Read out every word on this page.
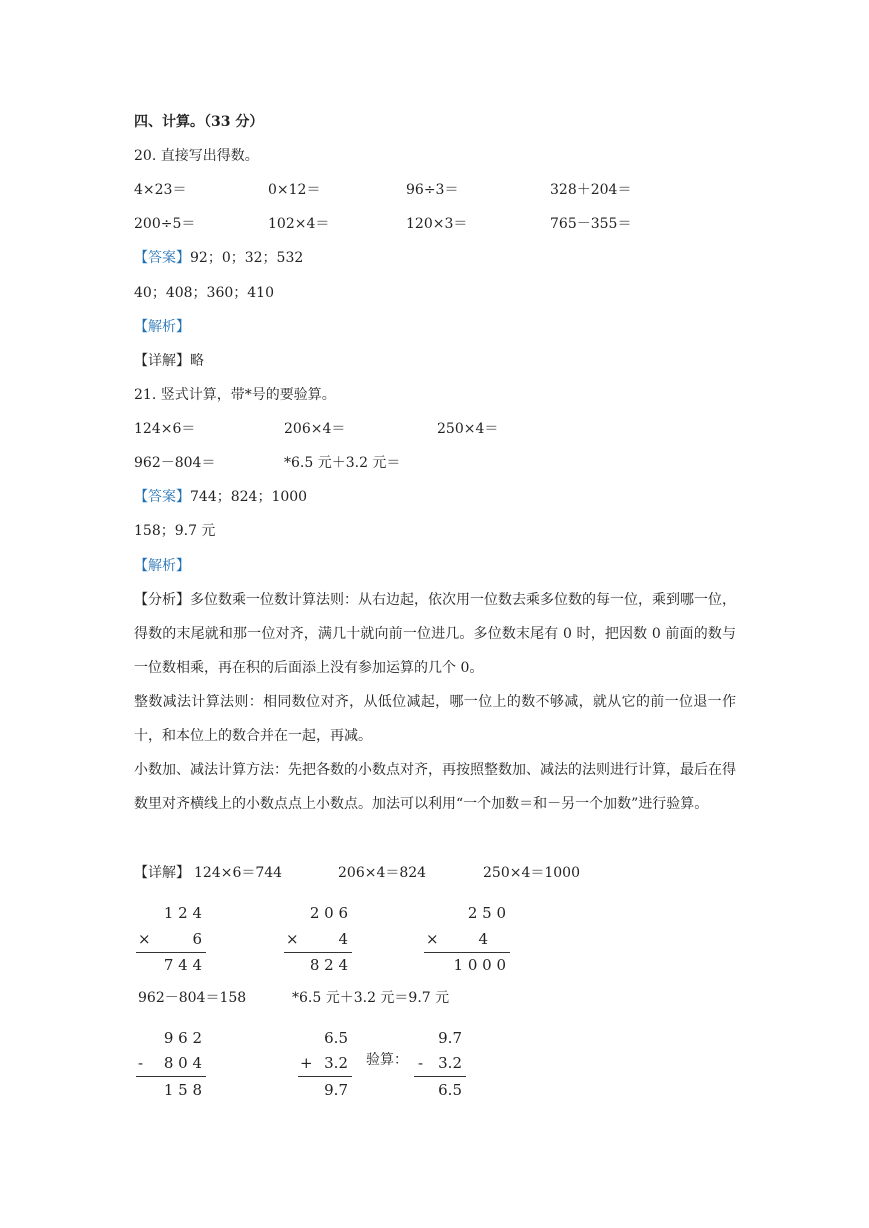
四、计算。（33 分）
20. 直接写出得数。
4×23＝	0×12＝	96÷3＝	328＋204＝
200÷5＝	102×4＝	120×3＝	765－355＝
【答案】92；0；32；532
40；408；360；410
【解析】
【详解】略
21. 竖式计算，带*号的要验算。
124×6＝	206×4＝	250×4＝
962－804＝	*6.5 元＋3.2 元＝
【答案】744；824；1000
158；9.7 元
【解析】
【分析】多位数乘一位数计算法则：从右边起，依次用一位数去乘多位数的每一位，乘到哪一位，得数的末尾就和那一位对齐，满几十就向前一位进几。多位数末尾有 0 时，把因数 0 前面的数与一位数相乘，再在积的后面添上没有参加运算的几个 0。
整数减法计算法则：相同数位对齐，从低位减起，哪一位上的数不够减，就从它的前一位退一作十，和本位上的数合并在一起，再减。
小数加、减法计算方法：先把各数的小数点对齐，再按照整数加、减法的法则进行计算，最后在得数里对齐横线上的小数点点上小数点。加法可以利用“一个加数＝和－另一个加数”进行验算。
【详解】 124×6＝744	206×4＝824	250×4＝1000
1 2 4
×	6
7 4 4
2 0 6
×	4
8 2 4
2 5 0
×	4
1 0 0 0
962－804＝158	*6.5 元＋3.2 元＝9.7 元
9 6 2
- 8 0 4
1 5 8
6.5
+ 3.2
9.7
验算：
9.7
- 3.2
6.5
